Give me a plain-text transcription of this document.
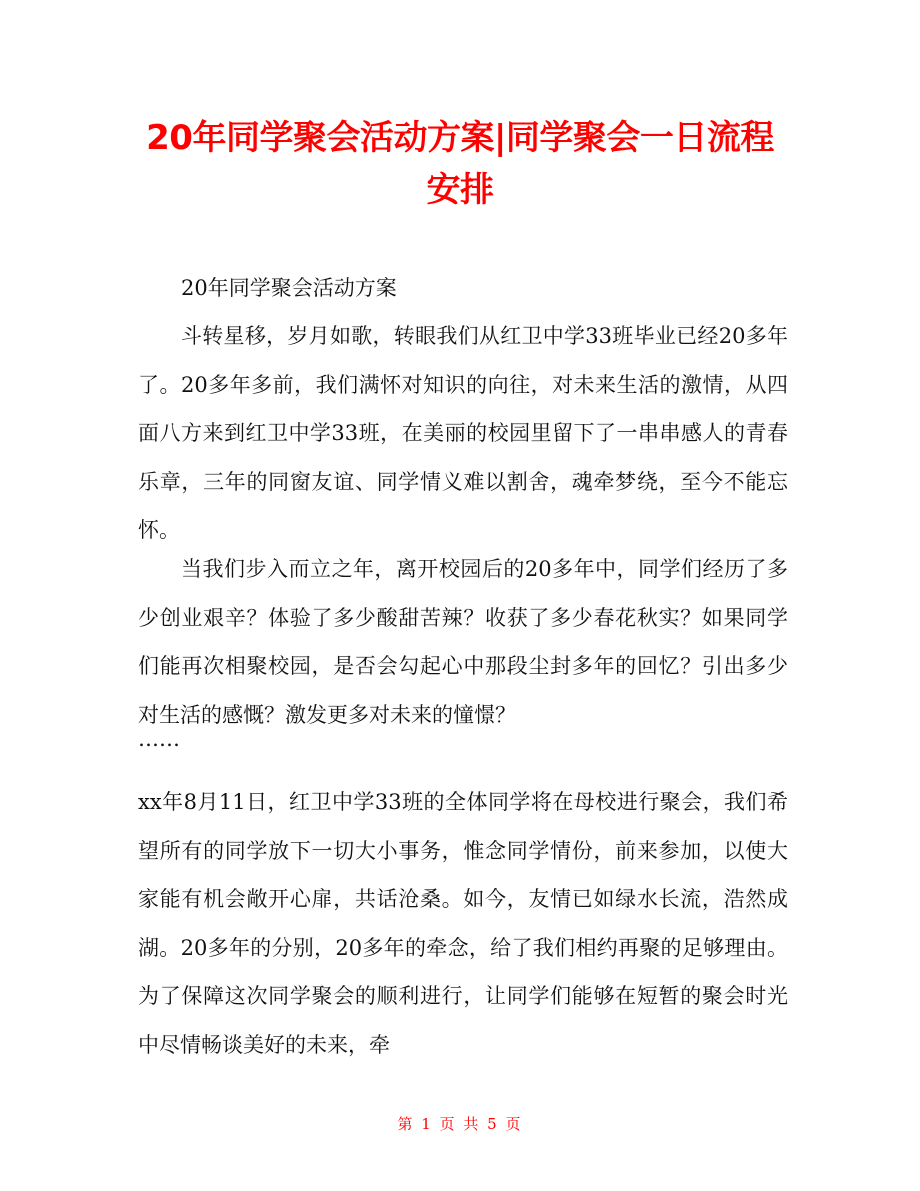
20年同学聚会活动方案|同学聚会一日流程安排

20年同学聚会活动方案

斗转星移，岁月如歌，转眼我们从红卫中学33班毕业已经20多年了。20多年多前，我们满怀对知识的向往，对未来生活的激情，从四面八方来到红卫中学33班，在美丽的校园里留下了一串串感人的青春乐章，三年的同窗友谊、同学情义难以割舍，魂牵梦绕，至今不能忘怀。

当我们步入而立之年，离开校园后的20多年中，同学们经历了多少创业艰辛？体验了多少酸甜苦辣？收获了多少春花秋实？如果同学们能再次相聚校园，是否会勾起心中那段尘封多年的回忆？引出多少对生活的感慨？激发更多对未来的憧憬？

……

xx年8月11日，红卫中学33班的全体同学将在母校进行聚会，我们希望所有的同学放下一切大小事务，惟念同学情份，前来参加，以使大家能有机会敞开心扉，共话沧桑。如今，友情已如绿水长流，浩然成湖。20多年的分别，20多年的牵念，给了我们相约再聚的足够理由。为了保障这次同学聚会的顺利进行，让同学们能够在短暂的聚会时光中尽情畅谈美好的未来，牵

第 1 页 共 5 页
